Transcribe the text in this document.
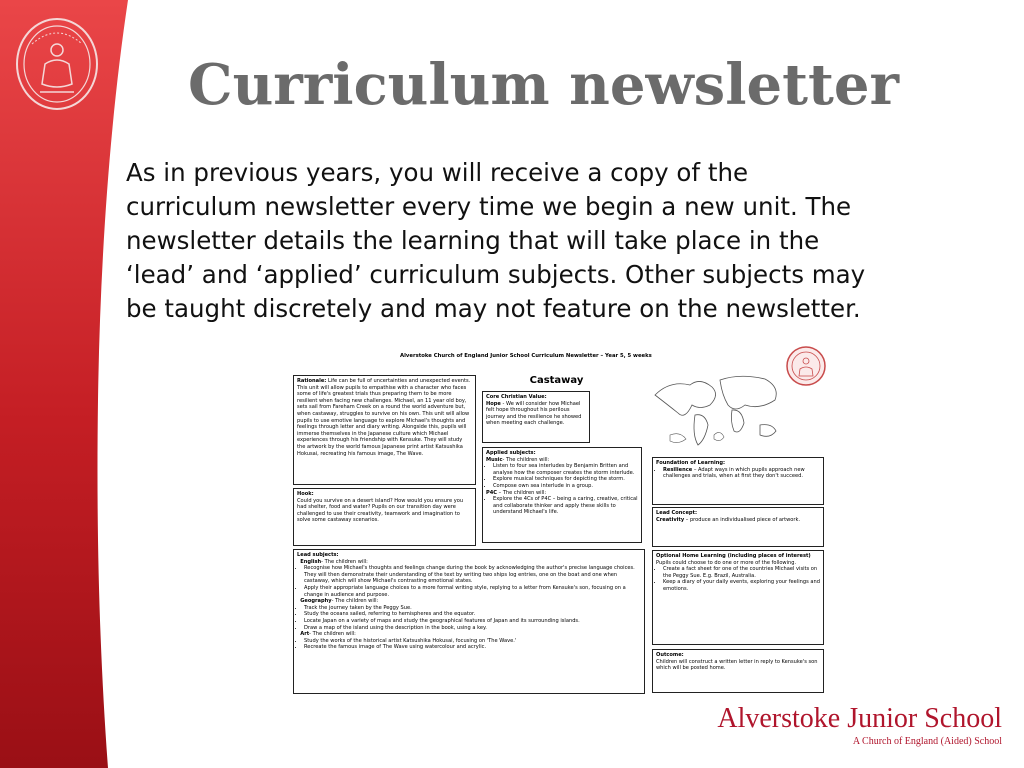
Curriculum newsletter
As in previous years, you will receive a copy of the
curriculum newsletter every time we begin a new unit. The
newsletter details the learning that will take place in the
‘lead’ and ‘applied’ curriculum subjects. Other subjects may
be taught discretely and may not feature on the newsletter.
Alverstoke Church of England Junior School Curriculum Newsletter – Year 5, 5 weeks
Castaway

Rationale: Life can be full of uncertainties and unexpected events. This unit will allow pupils to empathise with a character who faces some of life's greatest trials thus preparing them to be more resilient when facing new challenges. Michael, an 11 year old boy, sets sail from Fareham Creek on a round the world adventure but, when castaway, struggles to survive on his own. This unit will allow pupils to use emotive language to explore Michael's thoughts and feelings through letter and diary writing. Alongside this, pupils will immerse themselves in the Japanese culture which Michael experiences through his friendship with Kensuke. They will study the artwork by the world famous Japanese print artist Katsushika Hokusai, recreating his famous image, The Wave.

Core Christian Value:

Hope - We will consider how Michael felt hope throughout his perilous journey and the resilience he showed when meeting each challenge.

Applied subjects:

Music- The children will:

• Listen to four sea interludes by Benjamin Britten and analyse how the composer creates the storm interlude.
• Explore musical techniques for depicting the storm.
• Compose own sea interlude in a group.

P4C – The children will:

• Explore the 4Cs of P4C – being a caring, creative, critical and collaborate thinker and apply these skills to understand Michael's life.

Hook:

Could you survive on a desert island? How would you ensure you had shelter, food and water? Pupils on our transition day were challenged to use their creativity, teamwork and imagination to solve some castaway scenarios.

Foundation of Learning:

• Resilience – Adapt ways in which pupils approach new challenges and trials, when at first they don't succeed.

Lead Concept:

Creativity – produce an individualised piece of artwork.

Lead subjects:

English- The children will:

• Recognise how Michael's thoughts and feelings change during the book by acknowledging the author's precise language choices. They will then demonstrate their understanding of the text by writing two ships log entries, one on the boat and one when castaway, which will show Michael's contrasting emotional states.
• Apply their appropriate language choices to a more formal writing style, replying to a letter from Kensuke's son, focusing on a change in audience and purpose.

Geography- The children will:

• Track the journey taken by the Peggy Sue.
• Study the oceans sailed, referring to hemispheres and the equator.
• Locate Japan on a variety of maps and study the geographical features of Japan and its surrounding islands.
• Draw a map of the island using the description in the book, using a key.

Art- The children will:

• Study the works of the historical artist Katsushika Hokusai, focusing on 'The Wave.'
• Recreate the famous image of The Wave using watercolour and acrylic.

Optional Home Learning (including places of interest)

Pupils could choose to do one or more of the following.

• Create a fact sheet for one of the countries Michael visits on the Peggy Sue. E.g. Brazil, Australia.
• Keep a diary of your daily events, exploring your feelings and emotions.

Outcome:

Children will construct a written letter in reply to Kensuke's son which will be posted home.

Alverstoke Junior School
A Church of England (Aided) School
